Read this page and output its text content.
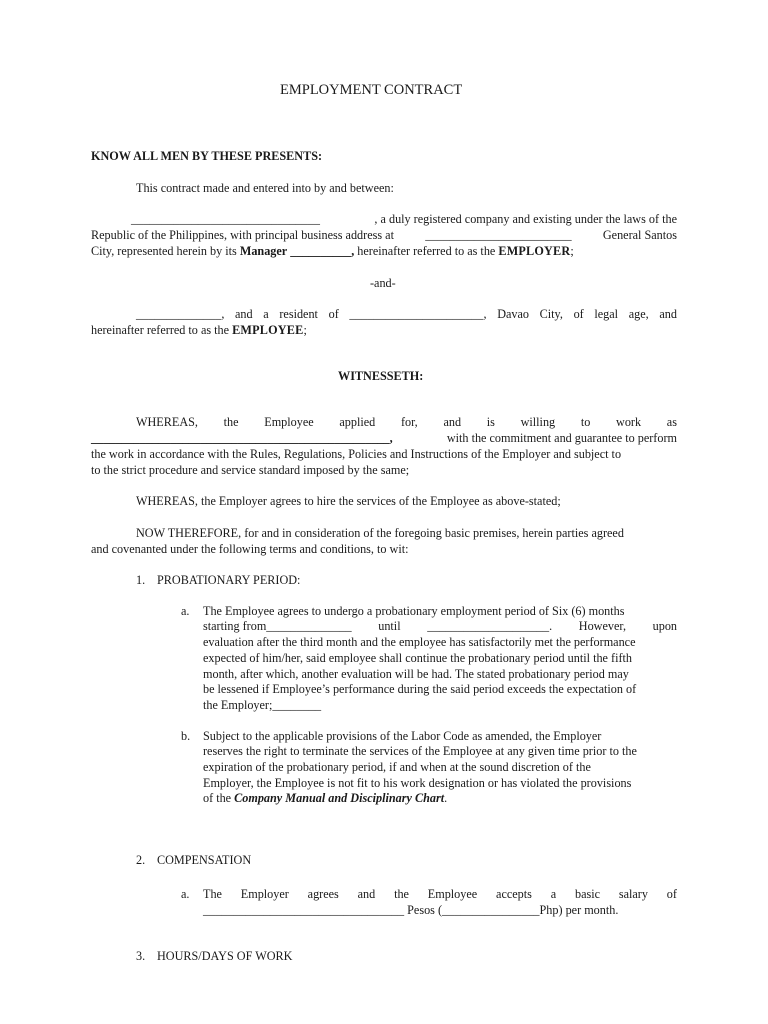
EMPLOYMENT CONTRACT
KNOW ALL MEN BY THESE PRESENTS:
This contract made and entered into by and between:
_______________________________	, a duly registered company and existing under the laws of the
Republic of the Philippines, with principal business address at	________________________	General Santos
City, represented herein by its Manager __________, hereinafter referred to as the EMPLOYER;
-and-
______________, and a resident of ______________________, Davao City, of legal age, and
hereinafter referred to as the EMPLOYEE;
WITNESSETH:
WHEREAS, the Employee applied for, and is willing to work as
_________________________________________________,	with the commitment and guarantee to perform
the work in accordance with the Rules, Regulations, Policies and Instructions of the Employer and subject to
to the strict procedure and service standard imposed by the same;
WHEREAS, the Employer agrees to hire the services of the Employee as above-stated;
NOW THEREFORE, for and in consideration of the foregoing basic premises, herein parties agreed
and covenanted under the following terms and conditions, to wit:
1. PROBATIONARY PERIOD:
a. The Employee agrees to undergo a probationary employment period of Six (6) months
starting from______________ until ____________________. However, upon
evaluation after the third month and the employee has satisfactorily met the performance
expected of him/her, said employee shall continue the probationary period until the fifth
month, after which, another evaluation will be had. The stated probationary period may
be lessened if Employee’s performance during the said period exceeds the expectation of
the Employer;________
b. Subject to the applicable provisions of the Labor Code as amended, the Employer
reserves the right to terminate the services of the Employee at any given time prior to the
expiration of the probationary period, if and when at the sound discretion of the
Employer, the Employee is not fit to his work designation or has violated the provisions
of the Company Manual and Disciplinary Chart.
2. COMPENSATION
a. The Employer agrees and the Employee accepts a basic salary of
_________________________________ Pesos (________________Php) per month.
3. HOURS/DAYS OF WORK
